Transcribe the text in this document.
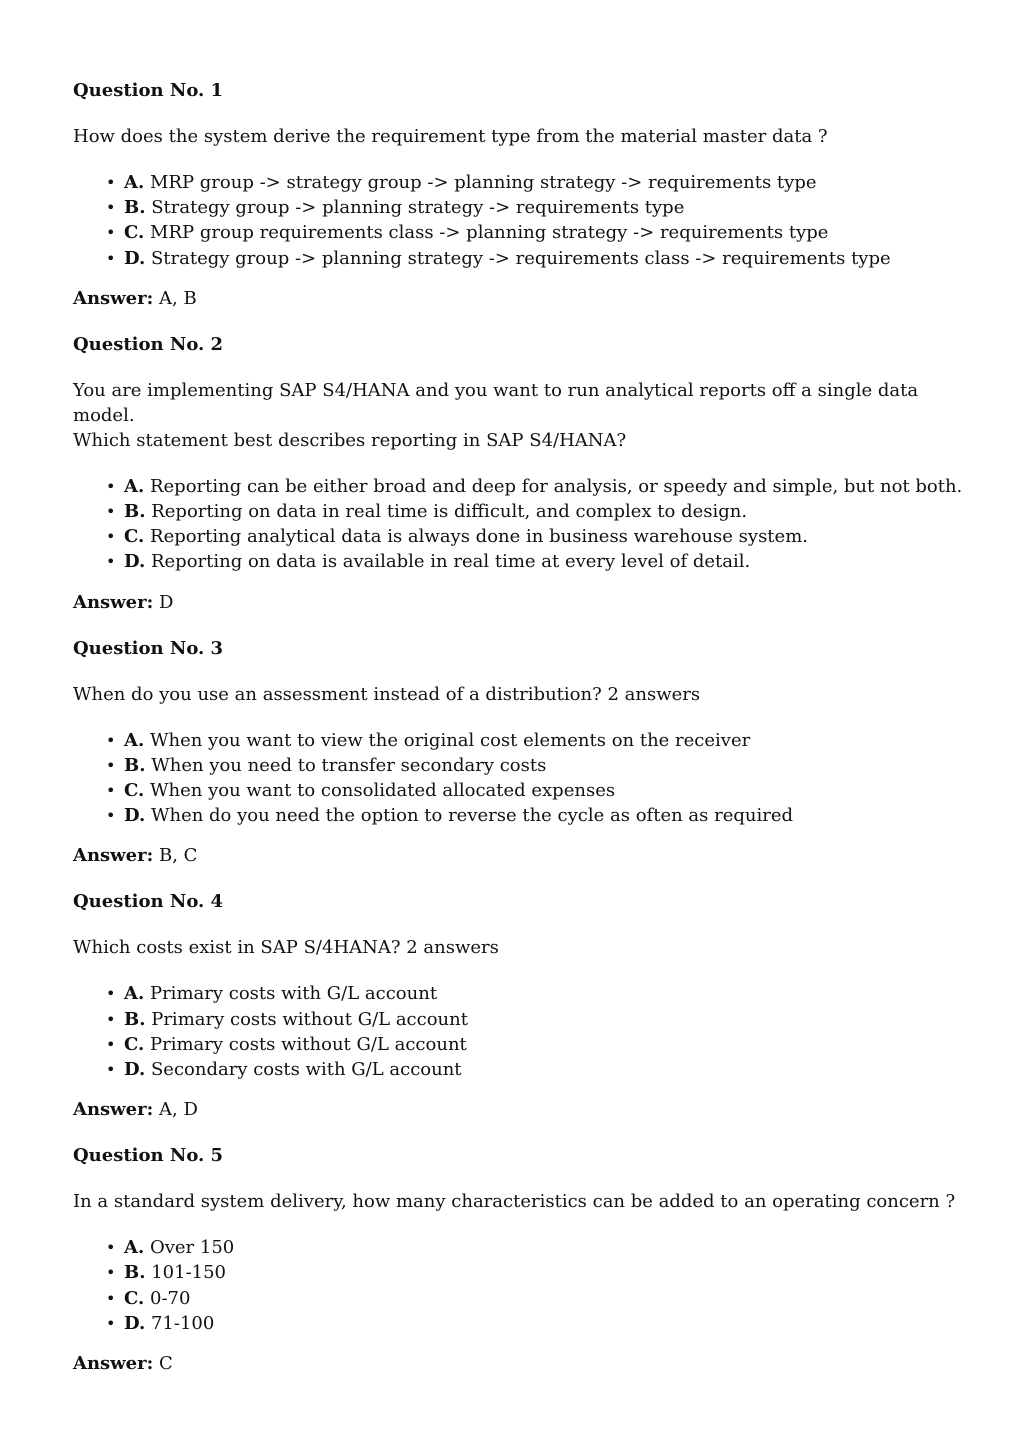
Question No. 1
How does the system derive the requirement type from the material master data ?
• A. MRP group -> strategy group -> planning strategy -> requirements type
• B. Strategy group -> planning strategy -> requirements type
• C. MRP group requirements class -> planning strategy -> requirements type
• D. Strategy group -> planning strategy -> requirements class -> requirements type
Answer: A, B
Question No. 2
You are implementing SAP S4/HANA and you want to run analytical reports off a single data model.
Which statement best describes reporting in SAP S4/HANA?
• A. Reporting can be either broad and deep for analysis, or speedy and simple, but not both.
• B. Reporting on data in real time is difficult, and complex to design.
• C. Reporting analytical data is always done in business warehouse system.
• D. Reporting on data is available in real time at every level of detail.
Answer: D
Question No. 3
When do you use an assessment instead of a distribution? 2 answers
• A. When you want to view the original cost elements on the receiver
• B. When you need to transfer secondary costs
• C. When you want to consolidated allocated expenses
• D. When do you need the option to reverse the cycle as often as required
Answer: B, C
Question No. 4
Which costs exist in SAP S/4HANA? 2 answers
• A. Primary costs with G/L account
• B. Primary costs without G/L account
• C. Primary costs without G/L account
• D. Secondary costs with G/L account
Answer: A, D
Question No. 5
In a standard system delivery, how many characteristics can be added to an operating concern ?
• A. Over 150
• B. 101-150
• C. 0-70
• D. 71-100
Answer: C
